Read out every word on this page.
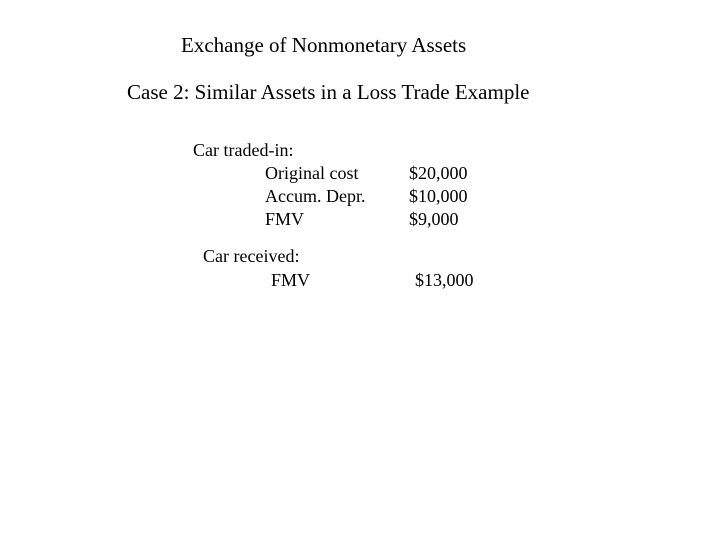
Exchange of Nonmonetary Assets
Case 2: Similar Assets in a Loss Trade Example
Car traded-in:
Original cost	$20,000
Accum. Depr. $10,000
FMV	$9,000
Car received:
FMV	$13,000
